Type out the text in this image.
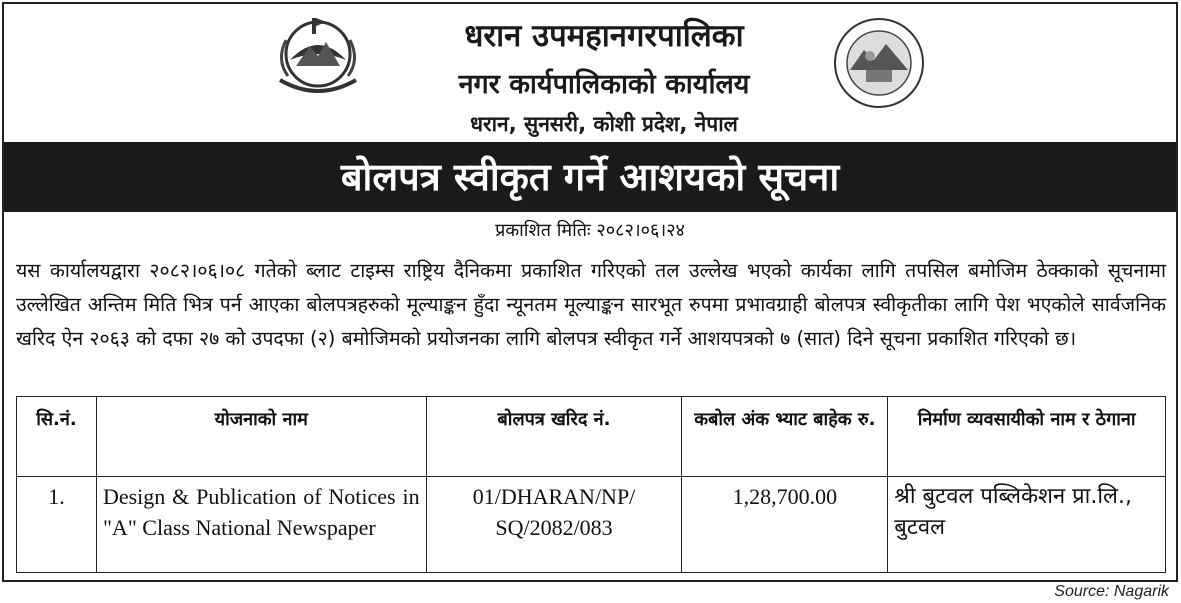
धरान उपमहानगरपालिका
नगर कार्यपालिकाको कार्यालय
धरान, सुनसरी, कोशी प्रदेश, नेपाल
बोलपत्र स्वीकृत गर्ने आशयको सूचना
प्रकाशित मितिः २०८२।०६।२४
यस कार्यालयद्वारा २०८२।०६।०८ गतेको ब्लाट टाइम्स राष्ट्रिय दैनिकमा प्रकाशित गरिएको तल उल्लेख भएको कार्यका लागि तपसिल बमोजिम ठेक्काको सूचनामा उल्लेखित अन्तिम मिति भित्र पर्न आएका बोलपत्रहरुको मूल्याङ्कन हुँदा न्यूनतम मूल्याङ्कन सारभूत रुपमा प्रभावग्राही बोलपत्र स्वीकृतीका लागि पेश भएकोले सार्वजनिक खरिद ऐन २०६३ को दफा २७ को उपदफा (२) बमोजिमको प्रयोजनका लागि बोलपत्र स्वीकृत गर्ने आशयपत्रको ७ (सात) दिने सूचना प्रकाशित गरिएको छ।
सि.नं.	योजनाको नाम	बोलपत्र खरिद नं.	कबोल अंक भ्याट बाहेक रु.	निर्माण व्यवसायीको नाम र ठेगाना
1.	Design & Publication of Notices in "A" Class National Newspaper	01/DHARAN/NP/ SQ/2082/083	1,28,700.00	श्री बुटवल पब्लिकेशन प्रा.लि., बुटवल
Source: Nagarik
